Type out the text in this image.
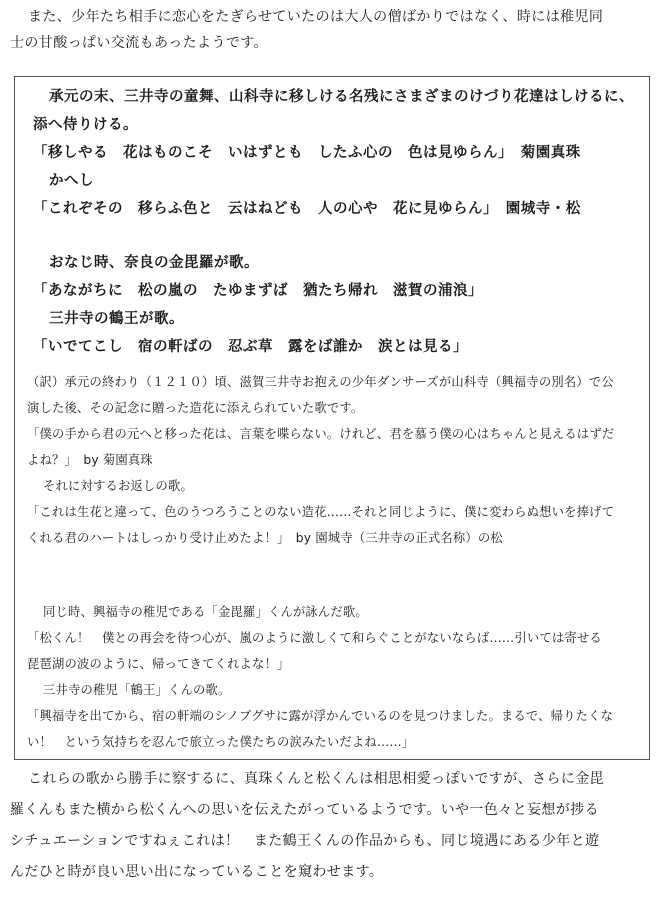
また、少年たち相手に恋心をたぎらせていたのは大人の僧ばかりではなく、時には稚児同
士の甘酸っぱい交流もあったようです。

承元の末、三井寺の童舞、山科寺に移しける名残にさまざまのけづり花達はしけるに、
添へ侍りける。
「移しやる　花はものこそ　いはずとも　したふ心の　色は見ゆらん」　菊園真珠
かへし
「これぞその　移らふ色と　云はねども　人の心や　花に見ゆらん」　園城寺・松

おなじ時、奈良の金毘羅が歌。
「あながちに　松の嵐の　たゆまずば　猶たち帰れ　滋賀の浦浪」
三井寺の鶴王が歌。
「いでてこし　宿の軒ばの　忍ぶ草　露をば誰か　涙とは見る」

（訳）承元の終わり（１２１０）頃、滋賀三井寺お抱えの少年ダンサーズが山科寺（興福寺の別名）で公
演した後、その記念に贈った造花に添えられていた歌です。
「僕の手から君の元へと移った花は、言葉を喋らない。けれど、君を慕う僕の心はちゃんと見えるはずだ
よね？」　by 菊園真珠
それに対するお返しの歌。
「これは生花と違って、色のうつろうことのない造花……それと同じように、僕に変わらぬ想いを捧げて
くれる君のハートはしっかり受け止めたよ！」　by 園城寺（三井寺の正式名称）の松

同じ時、興福寺の稚児である「金毘羅」くんが詠んだ歌。
「松くん！　僕との再会を待つ心が、嵐のように激しくて和らぐことがないならば……引いては寄せる
琵琶湖の波のように、帰ってきてくれよな！」
三井寺の稚児「鶴王」くんの歌。
「興福寺を出てから、宿の軒端のシノブグサに露が浮かんでいるのを見つけました。まるで、帰りたくな
い！　という気持ちを忍んで旅立った僕たちの涙みたいだよね……」

これらの歌から勝手に察するに、真珠くんと松くんは相思相愛っぽいですが、さらに金毘
羅くんもまた横から松くんへの思いを伝えたがっているようです。いや一色々と妄想が捗る
シチュエーションですねぇこれは！　また鶴王くんの作品からも、同じ境遇にある少年と遊
んだひと時が良い思い出になっていることを窺わせます。
